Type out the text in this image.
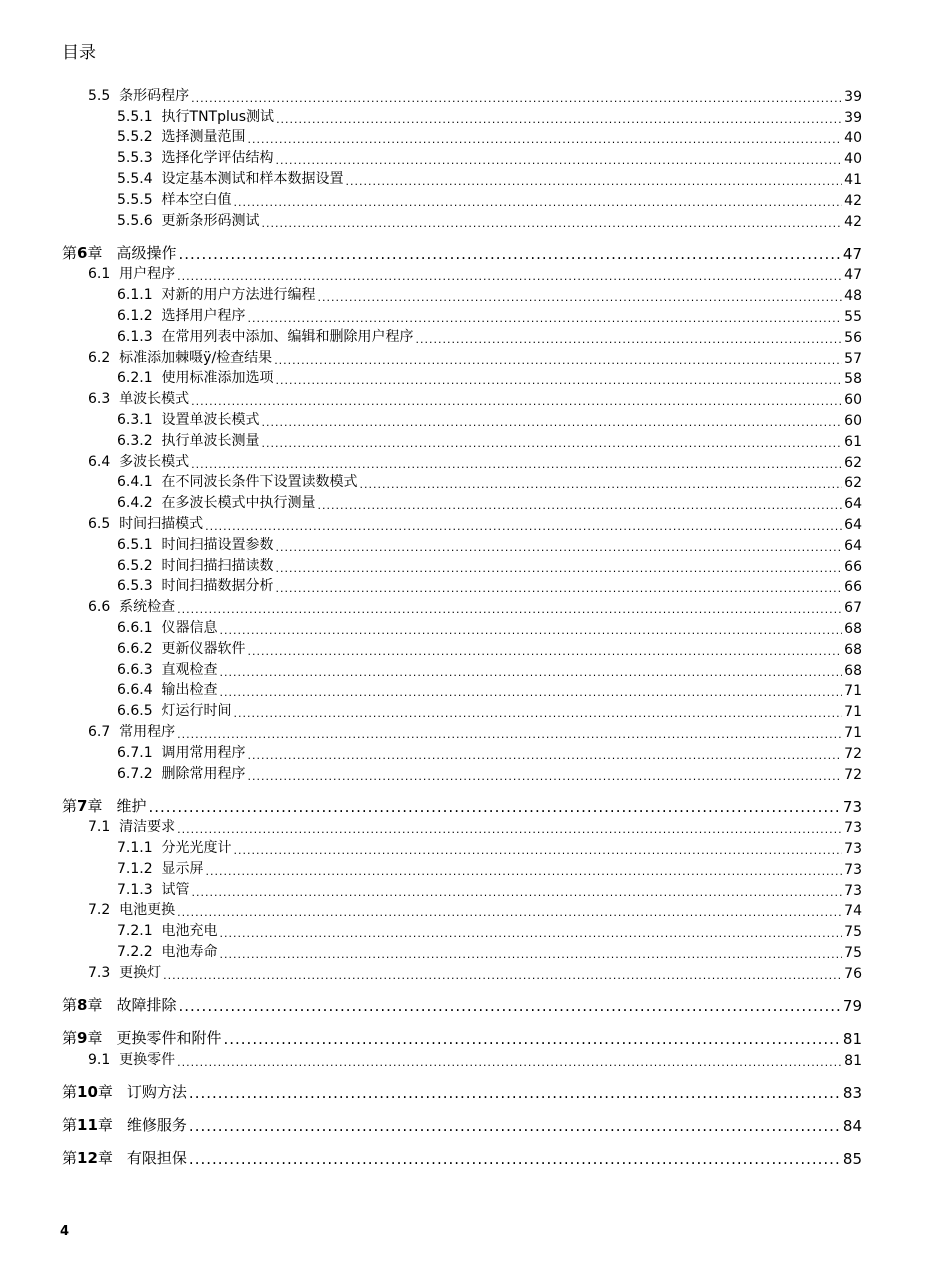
目录
5.5 条形码程序 .....	39
5.5.1 执行TNTplus测试 .....	39
5.5.2 选择测量范围 .....	40
5.5.3 选择化学评估结构 .....	40
5.5.4 设定基本测试和样本数据设置 .....	41
5.5.5 样本空白值 .....	42
5.5.6 更新条形码测试 .....	42
第6章 高级操作 .....	47
6.1 用户程序 .....	47
6.1.1 对新的用户方法进行编程 .....	48
6.1.2 选择用户程序 .....	55
6.1.3 在常用列表中添加、编辑和删除用户程序 .....	56
6.2 标准添加棘嗫ÿ/检查结果 .....	57
6.2.1 使用标准添加选项 .....	58
6.3 单波长模式 .....	60
6.3.1 设置单波长模式 .....	60
6.3.2 执行单波长测量 .....	61
6.4 多波长模式 .....	62
6.4.1 在不同波长条件下设置读数模式 .....	62
6.4.2 在多波长模式中执行测量 .....	64
6.5 时间扫描模式 .....	64
6.5.1 时间扫描设置参数 .....	64
6.5.2 时间扫描扫描读数 .....	66
6.5.3 时间扫描数据分析 .....	66
6.6 系统检查 .....	67
6.6.1 仪器信息 .....	68
6.6.2 更新仪器软件 .....	68
6.6.3 直观检查 .....	68
6.6.4 输出检查 .....	71
6.6.5 灯运行时间 .....	71
6.7 常用程序 .....	71
6.7.1 调用常用程序 .....	72
6.7.2 删除常用程序 .....	72
第7章 维护 .....	73
7.1 清洁要求 .....	73
7.1.1 分光光度计 .....	73
7.1.2 显示屏 .....	73
7.1.3 试管 .....	73
7.2 电池更换 .....	74
7.2.1 电池充电 .....	75
7.2.2 电池寿命 .....	75
7.3 更换灯 .....	76
第8章 故障排除 .....	79
第9章 更换零件和附件 .....	81
9.1 更换零件 .....	81
第10章 订购方法 .....	83
第11章 维修服务 .....	84
第12章 有限担保 .....	85
4
